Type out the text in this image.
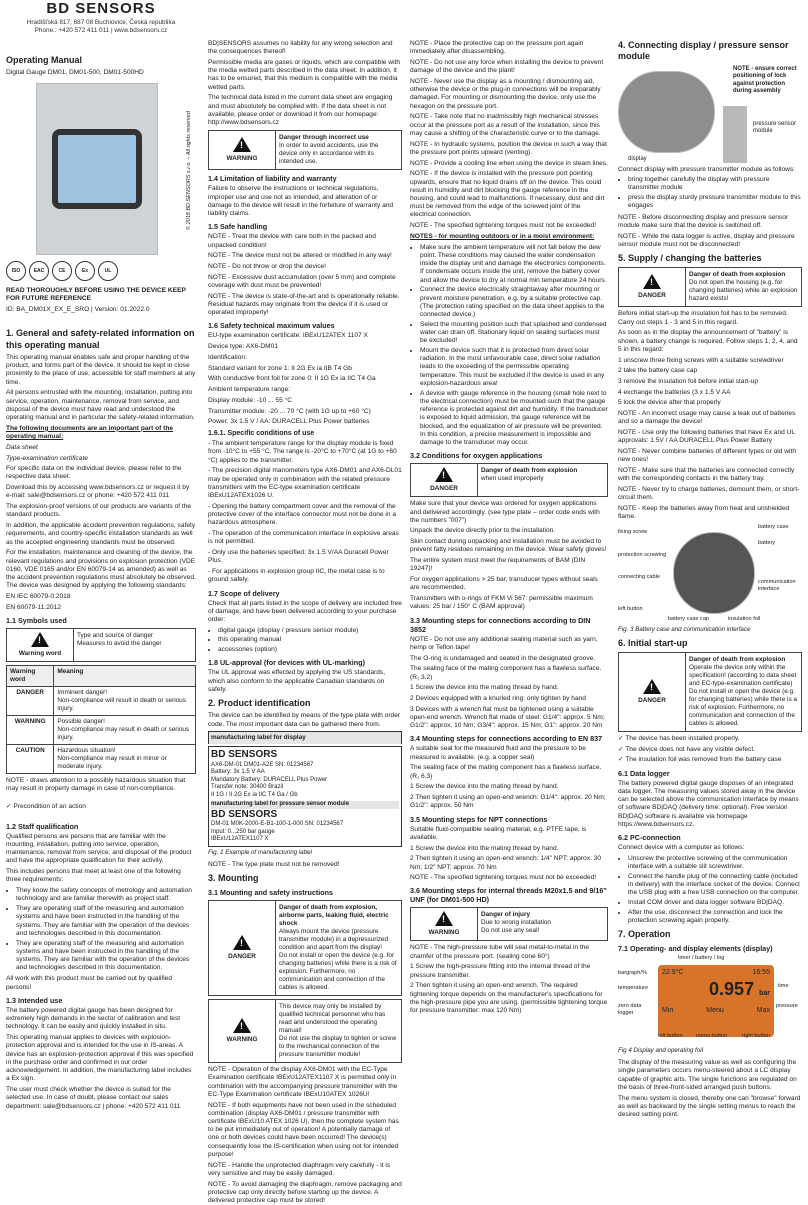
BD SENSORS
Hradišťská 817; 687 08 Buchlovice, Česká republika
Phone.: +420 572 411 011 | www.bdsensors.cz
Operating Manual

Digital Gauge DM01, DM01-500, DM01-500HD

© 2018 BD SENSORS s.r.o. – All rights reserved
ISO	EAC	CE	Ex	UL

READ THOROUGHLY BEFORE USING THE DEVICE KEEP FOR FUTURE REFERENCE

ID: BA_DM01X_EX_E_SRO | Version: 01.2022.0

1. General and safety-related information on this operating manual

This operating manual enables safe and proper handling of the product, and forms part of the device. It should be kept in close proximity to the place of use, accessible for staff members at any time.

All persons entrusted with the mounting, installation, putting into service, operation, maintenance, removal from service, and disposal of the device must have read and understood the operating manual and in particular the safety-related information.

The following documents are an important part of the operating manual:

Data sheet

Type-examination certificate

For specific data on the individual device, please refer to the respective data sheet.

Download this by accessing www.bdsensors.cz or request it by e-mail: sale@bdsensors.cz or phone: +420 572 411 011

The explosion-proof versions of our products are variants of the standard products.

In addition, the applicable accident prevention regulations, safety requirements, and country-specific installation standards as well as the accepted engineering standards must be observed.

For the installation, maintenance and cleaning of the device, the relevant regulations and provisions on explosion protection (VDE 0160, VDE 0165 and/or EN 60079-14 as amended) as well as the accident prevention regulations must absolutely be observed. The device was designed by applying the following standards:

EN IEC 60079-0:2018

EN 60079-11:2012

1.1 Symbols used
!
Warning word
Type and source of danger
Measures to avoid the danger
Warning word	Meaning
DANGER	Imminent danger!
Non-compliance will result in death or serious injury.

WARNING	Possible danger!
Non-compliance may result in death or serious injury.

CAUTION	Hazardous situation!
Non-compliance may result in minor or moderate injury.

NOTE - draws attention to a possibly hazardous situation that may result in property damage in case of non-compliance.

✓ Precondition of an action

1.2 Staff qualification

Qualified persons are persons that are familiar with the mounting, installation, putting into service, operation, maintenance, removal from service, and disposal of the product and have the appropriate qualification for their activity.

This includes persons that meet at least one of the following three requirements:

• They know the safety concepts of metrology and automation technology and are familiar therewith as project staff.
• They are operating staff of the measuring and automation systems and have been instructed in the handling of the systems. They are familiar with the operation of the devices and technologies described in this documentation.
• They are operating staff of the measuring and automation systems and have been instructed in the handling of the systems. They are familiar with the operation of the devices and technologies described in this documentation.

All work with this product must be carried out by qualified persons!

1.3 Intended use

The battery powered digital gauge has been designed for extremely high demands in the sector of calibration and test technology. It can be easily and quickly installed in situ.

This operating manual applies to devices with explosion-protection approval and is intended for the use in IS-areas. A device has an explosion-protection approval if this was specified in the purchase order and confirmed in our order acknowledgement. In addition, the manufacturing label includes a Ex sign.

The user must check whether the device is suited for the selected use. In case of doubt, please contact our sales department: sale@bdsensors.cz | phone: +420 572 411 011

BD|SENSORS assumes no liability for any wrong selection and the consequences thereof!

Permissible media are gases or liquids, which are compatible with the media wetted parts described in the data sheet. In addition, it has to be ensured, that this medium is compatible with the media wetted parts.

The technical data listed in the current data sheet are engaging and must absolutely be complied with. If the data sheet is not available, please order or download it from our homepage: http://www.bdsensors.cz

!
WARNING
Danger through incorrect use
In order to avoid accidents, use the device only in accordance with its intended use.
1.4 Limitation of liability and warranty

Failure to observe the instructions or technical regulations, improper use and use not as intended, and alteration of or damage to the device will result in the forfeiture of warranty and liability claims.

1.5 Safe handling

NOTE - Treat the device with care both in the packed and unpacked condition!

NOTE - The device must not be altered or modified in any way!

NOTE - Do not throw or drop the device!

NOTE - Excessive dust accumulation (over 5 mm) and complete coverage with dust must be prevented!

NOTE - The device is state-of-the-art and is operationally reliable. Residual hazards may originate from the device if it is used or operated improperly!

1.6 Safety technical maximum values

EU-type examination certificate: IBExU12ATEX 1107 X

Device type: AX6-DM01

Identification:

Standard variant for zone 1: II 2G Ex ia IIB T4 Gb

With conductive front foil for zone 0: II 1G Ex ia IIC T4 Ga

Ambient temperature range:

Display module: -10 ... 55 °C

Transmitter module: -20 ... 70 °C (with 1G up to +60 °C)

Power: 3x 1.5 V / AA: DURACELL Plus Power batteries

1.6.1. Specific conditions of use

- The ambient temperature range for the display module is fixed from -10°C to +55 °C. The range is -20°C to +70°C (at 1G to +60 °C) applies to the transmitter.

- The precision digital manometers type AX6-DM01 and AX6-DL01 may be operated only in combination with the related pressure transmitters with the EC-type examination certificate IBExU12ATEX1026 U.

- Opening the battery compartment cover and the removal of the protective cover of the interface connector must not be done in a hazardous atmosphere.

- The operation of the communication interface in explosive areas is not permitted.

- Only use the batteries specified: 3x 1.5 V/AA Duracell Power Plus.

- For applications in explosion group IIC, the metal case is to ground safely.

1.7 Scope of delivery

Check that all parts listed in the scope of delivery are included free of damage, and have been delivered according to your purchase order:

• digital gauge (display / pressure sensor module)
• this operating manual
• accessories (option)
1.8 UL-approval (for devices with UL-marking)

The UL approval was effected by applying the US standards, which also conform to the applicable Canadian standards on safety.

2. Product identification

The device can be identified by means of the type plate with order code. The most important data can be gathered there from.

manufacturing label for display
BD SENSORS
AX6-DM-01 DM01-A2E SN: 01234567
Battery: 3x 1.5 V AA
Mandatory Battery: DURACELL Plus Power
Transfer note: 30400 Brazil
II 1G / II 2G Ex ia IIC T4 Ga / Gb
manufacturing label for pressure sensor module
BD SENSORS
DM-01 M0K-2000-E-B1-100-1-000 SN: 01234567
Input: 0...250 bar gauge
IBExU12ATEX1107 X
Fig. 1 Example of manufacturing label

NOTE - The type plate must not be removed!

3. Mounting
3.1 Mounting and safety instructions
!
DANGER
Danger of death from explosion, airborne parts, leaking fluid, electric shock
Always mount the device (pressure transmitter module) in a depressurized condition and apart from the display!
Do not install or open the device (e.g. for changing batteries) while there is a risk of explosion. Furthermore, no communication and connection of the cables is allowed.
!
WARNING
This device may only be installed by qualified technical personnel who has read and understood the operating manual!
Do not use the display to tighten or screw to the mechanical connection of the pressure transmitter module!

NOTE - Operation of the display AX6-DM01 with the EC-Type Examination certificate IBExU12ATEX1107 X is permitted only in combination with the accompanying pressure transmitter with the EC-Type Examination certificate IBExU10ATEX 1026U!

NOTE - If both equipments have not been used in the scheduled combination (display AX6-DM01 / pressure transmitter with certificate IBExU10 ATEX 1026 U), then the complete system has to be put immediately out of operation! A potentially damage of one or both devices could have been occurred! The device(s) consequently lose the IS-certification when using not for intended purpose!

NOTE - Handle the unprotected diaphragm very carefully - it is very sensitive and may be easily damaged.

NOTE - To avoid damaging the diaphragm, remove packaging and protective cap only directly before starting up the device. A delivered protective cap must be stored!

NOTE - Place the protective cap on the pressure port again immediately after disassembling.

NOTE - Do not use any force when installing the device to prevent damage of the device and the plant!

NOTE - Never use the display as a mounting / dismounting aid, otherwise the device or the plug-in connections will be irreparably damaged. For mounting or dismounting the device, only use the hexagon on the pressure port.

NOTE - Take note that no inadmissibly high mechanical stresses occur at the pressure port as a result of the installation, since this may cause a shifting of the characteristic curve or to the damage.

NOTE - In hydraulic systems, position the device in such a way that the pressure port points upward (venting).

NOTE - Provide a cooling line when using the device in steam lines.

NOTE - If the device is installed with the pressure port pointing upwards, ensure that no liquid drains off on the device. This could result in humidity and dirt blocking the gauge reference in the housing, and could lead to malfunctions. If necessary, dust and dirt must be removed from the edge of the screwed joint of the electrical connection.

NOTE - The specified tightening torques must not be exceeded!

NOTES - for mounting outdoors or in a moist environment:

• Make sure the ambient temperature will not fall below the dew point. These conditions may caused the water condensation inside the display unit and damage the electronics components. If condensate occurs inside the unit, remove the battery cover and allow the device to dry at normal min temperature 24 hours.
• Connect the device electrically straightaway after mounting or prevent moisture penetration, e.g. by a suitable protective cap. (The protection rating specified on the data sheet applies to the connected device.)
• Select the mounting position such that splashed and condensed water can drain off. Stationary liquid on sealing surfaces must be excluded!
• Mount the device such that it is protected from direct solar radiation. In the most unfavourable case, direct solar radiation leads to the exceeding of the permissible operating temperature. This must be excluded if the device is used in any explosion-hazardous area!
• A device with gauge reference in the housing (small hole next to the electrical connection) must be mounted such that the gauge reference is protected against dirt and humidity. If the transducer is exposed to liquid admission, the gauge reference will be blocked, and the equalization of air pressure will be prevented. In this condition, a precise measurement is impossible and damage to the transducer may occur.
3.2 Conditions for oxygen applications
!
DANGER
Danger of death from explosion
when used improperly

Make sure that your device was ordered for oxygen applications and delivered accordingly. (see type plate – order code ends with the numbers "007")

Unpack the device directly prior to the installation.

Skin contact during unpacking and installation must be avoided to prevent fatty residues remaining on the device. Wear safety gloves!

The entire system must meet the requirements of BAM (DIN 19247)!

For oxygen applications > 25 bar, transducer types without seals are recommended.

Transmitters with o-rings of FKM Vi 567: permissible maximum values: 25 bar / 150° C (BAM approval)

3.3 Mounting steps for connections according to DIN 3852

NOTE - Do not use any additional sealing material such as yarn, hemp or Teflon tape!

The O-ring is undamaged and seated in the designated groove.

The sealing face of the mating component has a flawless surface. (R₁ 3.2)

1 Screw the device into the mating thread by hand.

2 Devices equipped with a knurled ring: only tighten by hand

3 Devices with a wrench flat must be tightened using a suitable open-end wrench. Wrench flat made of steel: G1/4": approx. 5 Nm; G1/2": approx. 10 Nm; G3/4": approx. 15 Nm; G1": approx. 20 Nm

3.4 Mounting steps for connections according to EN 837

A suitable seal for the measured fluid and the pressure to be measured is available. (e.g. a copper seal)

The sealing face of the mating component has a flawless surface. (R₁ 6.3)

1 Screw the device into the mating thread by hand.

2 Then tighten it using an open-end wrench: G1/4": approx. 20 Nm; G1/2": approx. 50 Nm

3.5 Mounting steps for NPT connections

Suitable fluid-compatible sealing material, e.g. PTFE tape, is available.

1 Screw the device into the mating thread by hand.

2 Then tighten it using an open-end wrench: 1/4" NPT: approx. 30 Nm; 1/2" NPT: approx. 70 Nm

NOTE - The specified tightening torques must not be exceeded!

3.6 Mounting steps for internal threads M20x1.5 and 9/16" UNF (for DM01-500 HD)
!
WARNING
Danger of injury
Due to wrong installation
Do not use any seal!

NOTE - The high-pressure tube will seal metal-to-metal in the chamfer of the pressure port. (sealing cone 60°)

1 Screw the high-pressure fitting into the internal thread of the pressure transmitter.

2 Then tighten it using an open-end wrench. The required tightening torque depends on the manufacturer's specifications for the high-pressure pipe you are using. (permissible tightening torque for pressure transmitter: max 120 Nm)

4. Connecting display / pressure sensor module
NOTE - ensure correct positioning of lock against protection during assembly
display
pressure sensor module

Connect display with pressure transmitter module as follows:

• bring together carefully the display with pressure transmitter module
• press the display sturdy pressure transmitter module to this engages

NOTE - Before disconnecting display and pressure sensor module make sure that the device is switched off.

NOTE - While the data logger is active, display and pressure sensor module must not be disconnected!

5. Supply / changing the batteries
!
DANGER
Danger of death from explosion
Do not open the housing (e.g. for changing batteries) while an explosion hazard exists!

Before initial start-up the insulation foil has to be removed. Carry out steps 1 - 3 and 5 in this regard.

As soon as in the display the announcement of "battery" is shown, a battery change is required. Follow steps 1, 2, 4, and 5 in this regard:

1 unscrew three fixing screws with a suitable screwdriver

2 take the battery case cap

3 remove the insulation foil before initial start-up

4 exchange the batteries (3 x 1.5 V AA

5 lock the device after that properly

NOTE - An incorrect usage may cause a leak out of batteries and so a damage the device!

NOTE - Use only the following batteries that have Ex and UL approvals: 1.5V / AA DURACELL Plus Power Battery

NOTE - Never combine batteries of different types or old with new ones!

NOTE - Make sure that the batteries are connected correctly with the corresponding contacts in the battery tray.

NOTE - Never try to charge batteries, demount them, or short-circuit them.

NOTE - Keep the batteries away from heat and unshielded flame.

fixing screw
battery case
protection screwing
battery
connecting cable
communication interface
left button
battery case cap	insulation foil
Fig. 3 Battery case and communication interface
6. Initial start-up
!
DANGER
Danger of death from explosion
Operate the device only within the specification! (according to data sheet and EC-type-examination certificate)
Do not install or open the device (e.g. for changing batteries) while there is a risk of explosion. Furthermore, no communication and connection of the cables is allowed.

✓ The device has been installed properly.

✓ The device does not have any visible defect.

✓ The insulation foil was removed from the battery case

6.1 Data logger

The battery powered digital gauge disposes of an integrated data logger. The measuring values stored away in the device can be selected above the communication interface by means of software BD|DAQ (delivery time: optional). Free version BD|DAQ software is available via homepage https://www.bdsensors.cz.

6.2 PC-connection

Connect device with a computer as follows:

• Unscrew the protective screwing of the communication interface with a suitable slit screwdriver.
• Connect the handle plug of the connecting cable (included in delivery) with the interface socket of the device. Connect the USB plug with a free USB connection on the computer.
• Install COM driver and data logger software BD|DAQ.
• After the use, disconnect the connection and lock the protection screwing again properly.
7. Operation
7.1 Operating- and display elements (display)
timer / battery / log
bargraph/%
temperature
zero data logger
time
pressure
22.9°C	16:55
0.957 bar
Min	Menu	Max
left button menu button	right button
Fig 4 Display and operating foil

The display of the measuring value as well as configuring the single parameters occurs menu-steered about a LC display capable of graphic arts. The single functions are regulated on the basis of three-front-sided arranged push buttons.

The menu system is closed, thereby one can "browse" forward as well as backward by the single setting menus to reach the desired setting point.
